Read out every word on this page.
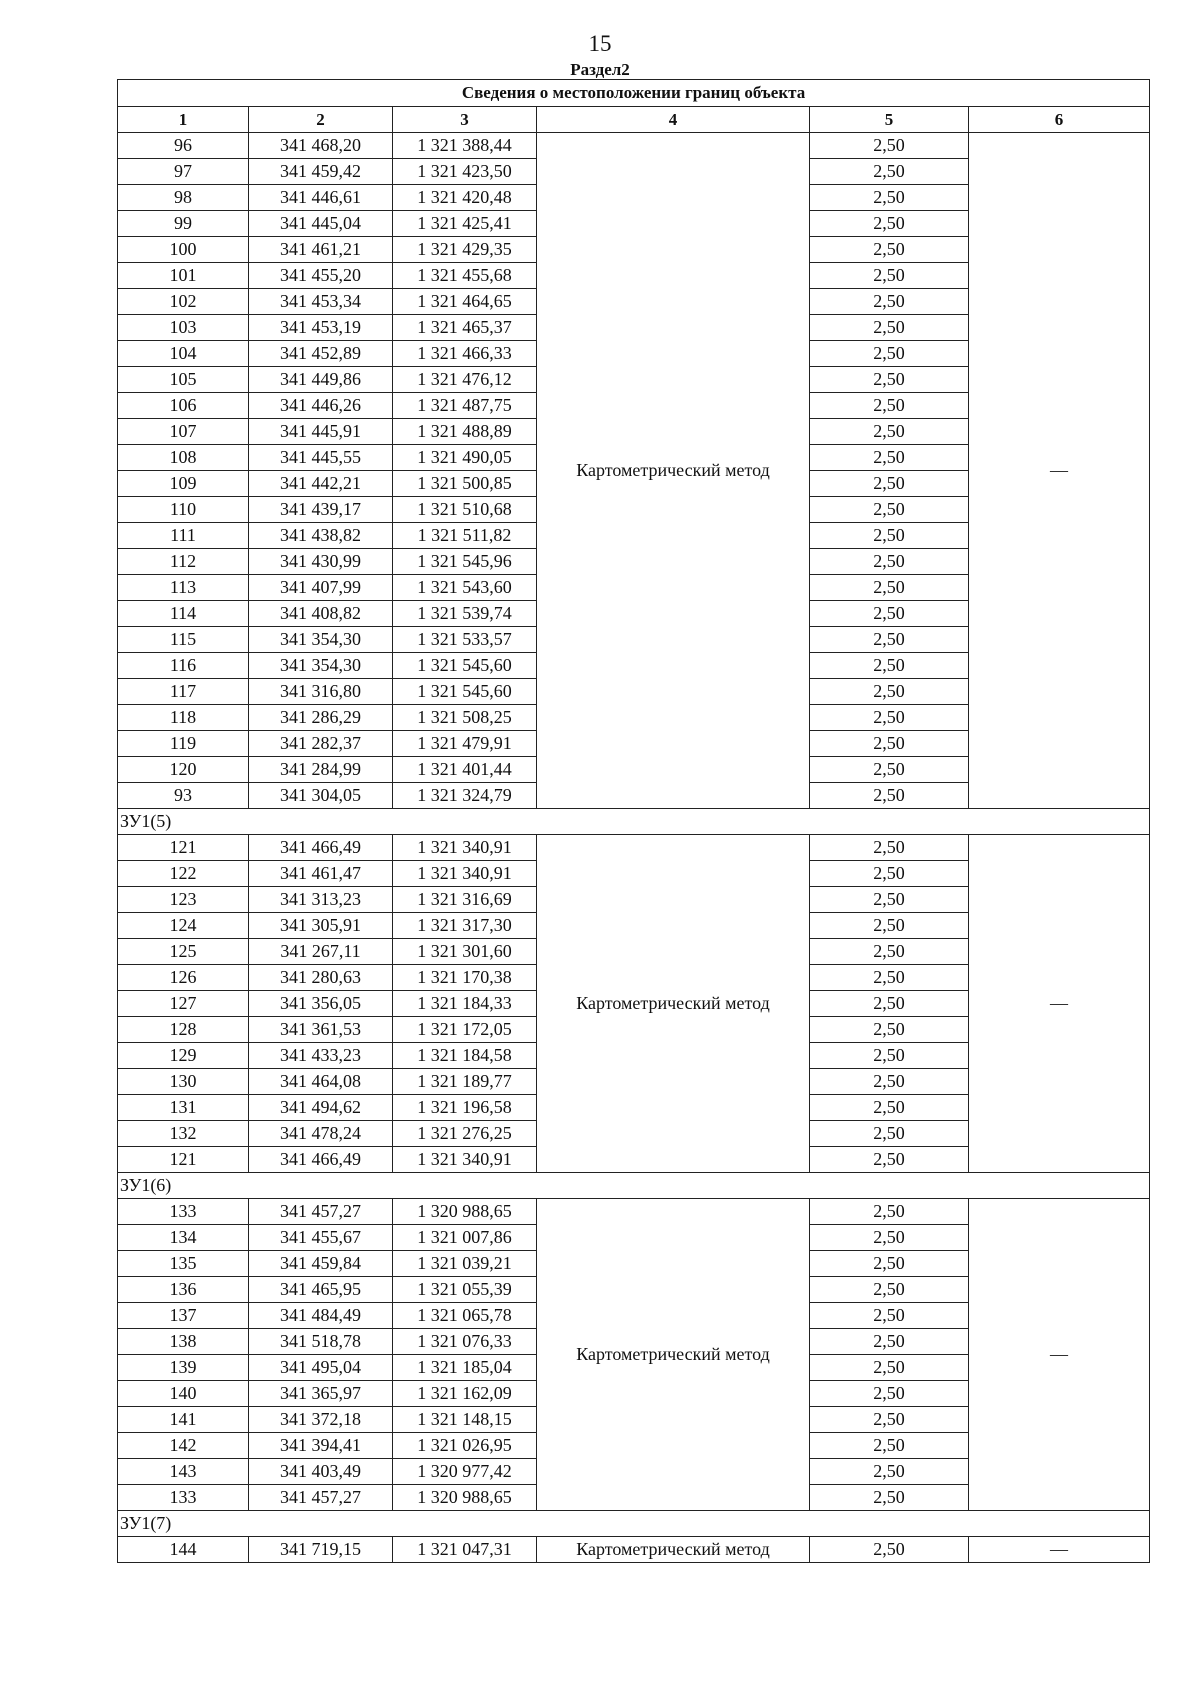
15
Раздел2
Сведения о местоположении границ объекта					
1	2	3	4	5	6
96	341 468,20	1 321 388,44	Картометрический метод	2,50	—
97	341 459,42	1 321 423,50		2,50	
98	341 446,61	1 321 420,48		2,50	
99	341 445,04	1 321 425,41		2,50	
100	341 461,21	1 321 429,35		2,50	
101	341 455,20	1 321 455,68		2,50	
102	341 453,34	1 321 464,65		2,50	
103	341 453,19	1 321 465,37		2,50	
104	341 452,89	1 321 466,33		2,50	
105	341 449,86	1 321 476,12		2,50	
106	341 446,26	1 321 487,75		2,50	
107	341 445,91	1 321 488,89		2,50	
108	341 445,55	1 321 490,05		2,50	
109	341 442,21	1 321 500,85		2,50	
110	341 439,17	1 321 510,68		2,50	
111	341 438,82	1 321 511,82		2,50	
112	341 430,99	1 321 545,96		2,50	
113	341 407,99	1 321 543,60		2,50	
114	341 408,82	1 321 539,74		2,50	
115	341 354,30	1 321 533,57		2,50	
116	341 354,30	1 321 545,60		2,50	
117	341 316,80	1 321 545,60		2,50	
118	341 286,29	1 321 508,25		2,50	
119	341 282,37	1 321 479,91		2,50	
120	341 284,99	1 321 401,44		2,50	
93	341 304,05	1 321 324,79		2,50	
ЗУ1(5)					
121	341 466,49	1 321 340,91	Картометрический метод	2,50	—
122	341 461,47	1 321 340,91		2,50	
123	341 313,23	1 321 316,69		2,50	
124	341 305,91	1 321 317,30		2,50	
125	341 267,11	1 321 301,60		2,50	
126	341 280,63	1 321 170,38		2,50	
127	341 356,05	1 321 184,33		2,50	
128	341 361,53	1 321 172,05		2,50	
129	341 433,23	1 321 184,58		2,50	
130	341 464,08	1 321 189,77		2,50	
131	341 494,62	1 321 196,58		2,50	
132	341 478,24	1 321 276,25		2,50	
121	341 466,49	1 321 340,91		2,50	
ЗУ1(6)					
133	341 457,27	1 320 988,65	Картометрический метод	2,50	—
134	341 455,67	1 321 007,86		2,50	
135	341 459,84	1 321 039,21		2,50	
136	341 465,95	1 321 055,39		2,50	
137	341 484,49	1 321 065,78		2,50	
138	341 518,78	1 321 076,33		2,50	
139	341 495,04	1 321 185,04		2,50	
140	341 365,97	1 321 162,09		2,50	
141	341 372,18	1 321 148,15		2,50	
142	341 394,41	1 321 026,95		2,50	
143	341 403,49	1 320 977,42		2,50	
133	341 457,27	1 320 988,65		2,50	
ЗУ1(7)					
144	341 719,15	1 321 047,31	Картометрический метод	2,50	—
